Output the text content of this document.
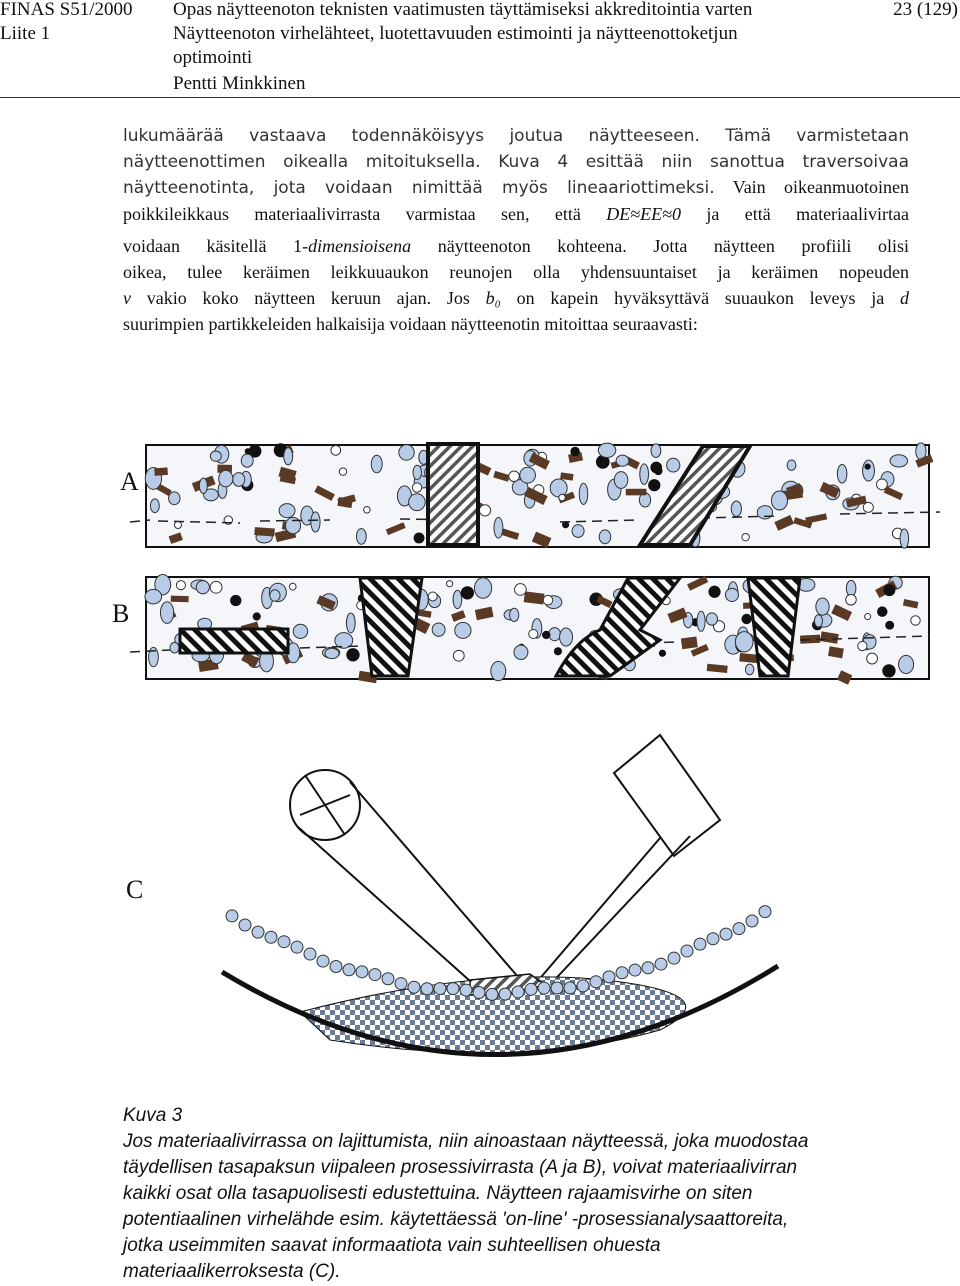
FINAS S51/2000
Liite 1
Opas näytteenoton teknisten vaatimusten täyttämiseksi akkreditointia varten
Näytteenoton virhelähteet, luotettavuuden estimointi ja näytteenottoketjun
optimointi
Pentti Minkkinen
23 (129)
lukumäärää vastaava todennäköisyys joutua näytteeseen. Tämä varmistetaan
näytteenottimen oikealla mitoituksella. Kuva 4 esittää niin sanottua traversoivaa
näytteenotinta, jota voidaan nimittää myös lineaariottimeksi. Vain oikeanmuotoinen
poikkileikkaus materiaalivirrasta varmistaa sen, että DE≈EE≈0 ja että materiaalivirtaa
voidaan käsitellä 1-dimensioisena näytteenoton kohteena. Jotta näytteen profiili olisi
oikea, tulee keräimen leikkuuaukon reunojen olla yhdensuuntaiset ja keräimen nopeuden
v vakio koko näytteen keruun ajan. Jos b₀ on kapein hyväksyttävä suuaukon leveys ja d
suurimpien partikkeleiden halkaisija voidaan näytteenotin mitoittaa seuraavasti:
A
B
C
Kuva 3
Jos materiaalivirrassa on lajittumista, niin ainoastaan näytteessä, joka muodostaa
täydellisen tasapaksun viipaleen prosessivirrasta (A ja B), voivat materiaalivirran
kaikki osat olla tasapuolisesti edustettuina. Näytteen rajaamisvirhe on siten
potentiaalinen virhelähde esim. käytettäessä 'on-line' -prosessianalysaattoreita,
jotka useimmiten saavat informaatiota vain suhteellisen ohuesta
materiaalikerroksesta (C).
